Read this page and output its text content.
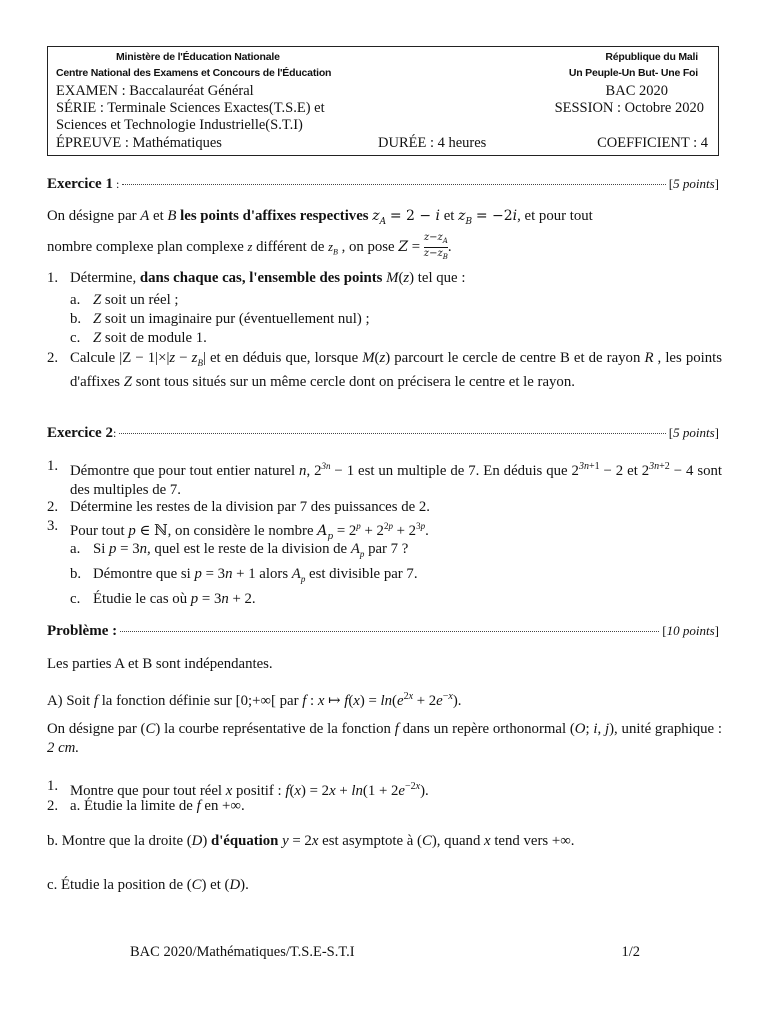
Ministère de l'Éducation Nationale	République du Mali
Centre National des Examens et Concours de l'Éducation	Un Peuple-Un But- Une Foi
EXAMEN : Baccalauréat Général	BAC 2020
SÉRIE : Terminale Sciences Exactes(T.S.E) et	SESSION : Octobre 2020
Sciences et Technologie Industrielle(S.T.I)
ÉPREUVE : Mathématiques	DURÉE : 4 heures	COEFFICIENT : 4
Exercice 1 :	[5 points]
On désigne par A et B les points d'affixes respectives $z_A = 2 - i$ et $z_B = -2i$, et pour tout
nombre complexe plan complexe z différent de $z_B$ , on pose $Z = \frac{z-z_A}{z-z_B}$ .
1. Détermine, dans chaque cas, l'ensemble des points M(z) tel que :
a. Z soit un réel ;
b. Z soit un imaginaire pur (éventuellement nul) ;
c. Z soit de module 1.
2. Calcule $|Z - 1|\times|z - z_B|$ et en déduis que, lorsque M(z) parcourt le cercle de centre B et de rayon R , les points d'affixes Z sont tous situés sur un même cercle dont on précisera le centre et le rayon.
Exercice 2 :	[5 points]
1. Démontre que pour tout entier naturel n, $2^{3n} - 1$ est un multiple de 7. En déduis que $2^{3n+1} - 2$ et $2^{3n+2} - 4$ sont des multiples de 7.
2. Détermine les restes de la division par 7 des puissances de 2.
3. Pour tout p ∈ ℕ, on considère le nombre $A_p = 2^p + 2^{2p} + 2^{3p}$.
a. Si p = 3n, quel est le reste de la division de $A_p$ par 7 ?
b. Démontre que si p = 3n + 1 alors $A_p$ est divisible par 7.
c. Étudie le cas où p = 3n + 2.
Problème :	[10 points]
Les parties A et B sont indépendantes.
A) Soit f la fonction définie sur [0;+∞[ par f : x ↦ $f(x) = \ln(e^{2x} + 2e^{-x})$.
On désigne par (C) la courbe représentative de la fonction f dans un repère orthonormal (O; i, j), unité graphique : 2 cm.
1. Montre que pour tout réel x positif : $f(x) = 2x + \ln(1 + 2e^{-2x})$.
2. a. Étudie la limite de f en +∞.
b. Montre que la droite (D) d'équation y = 2x est asymptote à (C), quand x tend vers +∞.
c. Étudie la position de (C) et (D).
BAC 2020/Mathématiques/T.S.E-S.T.I	1/2
